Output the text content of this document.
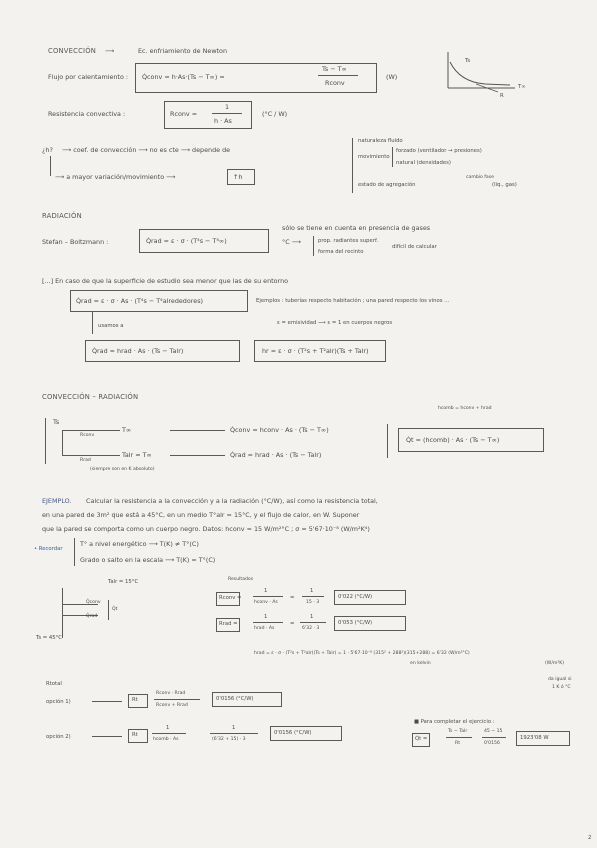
CONVECCIÓN ⟶	Ec. enfriamiento de Newton
Flujo por calentamiento : Q̇conv = h·As·(Ts − T∞) =
Ts − T∞
Rconv
(W)
Ts
T∞
R
Resistencia convectiva :	Rconv =
1
h · As
(°C / W)
¿h? ⟶ coef. de convección ⟶ no es cte ⟶ depende de
⟶ a mayor variación/movimiento ⟶	↑h
naturaleza fluido
movimiento
forzado (ventilador → presiones)
natural (densidades)
estado de agregación
cambio fase
(liq., gas)
RADIACIÓN
Stefan – Boltzmann :	Q̇rad = ε · σ · (T⁴s − T⁴∞)
sólo se tiene en cuenta en presencia de gases
°C ⟶	prop. radiantes superf.
forma del recinto
difícil de calcular
[...] En caso de que la superficie de estudio sea menor que las de su entorno
Q̇rad = ε · σ · As · (T⁴s − T⁴alrededores)	Ejemplos : tuberías respecto habitación ; una pared respecto los vinos ...
ε = emisividad ⟶ ε = 1 en cuerpos negros
usamos a
Q̇rad = hrad · As · (Ts − Talr)	hr = ε · σ · (T²s + T²alr)(Ts + Talr)
CONVECCIÓN – RADIACIÓN
Ts
Rconv
Rrad
T∞
Talr ≈ T∞
(siempre son en K absoluto)
Q̇conv = hconv · As · (Ts − T∞)
Q̇rad = hrad · As · (Ts − Talr)
hcomb = hconv + hrad
Q̇t = (hcomb) · As · (Ts − T∞)
EJEMPLO. Calcular la resistencia a la convección y a la radiación (°C/W), así como la resistencia total,
en una pared de 3m² que está a 45°C, en un medio T°alr = 15°C, y el flujo de calor, en W. Suponer
que la pared se comporta como un cuerpo negro. Datos: hconv = 15 W/m²°C ; σ = 5'67·10⁻⁸ (W/m²K⁴)
• Recordar
T° a nivel energético ⟶ T(K) ≠ T°(C)
Grado o salto en la escala ⟶ T(K) = T°(C)
Talr = 15°C
Q̇conv
Q̇rad
Q̇t
Ts = 45°C
Resultados
Rconv =
1
hconv · As
=
1
15 · 3
0'022 (°C/W)
Rrad =
1
hrad · As
=
1
6'32 · 3
0'053 (°C/W)
hrad = ε · σ · (T²s + T²alr)(Ts + Talr) = 1 · 5'67·10⁻⁸ (315² + 288²)(315+288) = 6'32 (W/m²°C)
en kelvin	(W/m²K)
da igual si
1 K ó °C
Rtotal
opción 1)	Rt
Rconv · Rrad
Rconv + Rrad
0'0156 (°C/W)
opción 2)	Rt
1
hcomb · As
1
(6'32 + 15) · 3
0'0156 (°C/W)
■ Para completar el ejercicio :
Q̇t =
Ts − Talr
Rt
45 − 15
0'0156
1923'08 W
2
